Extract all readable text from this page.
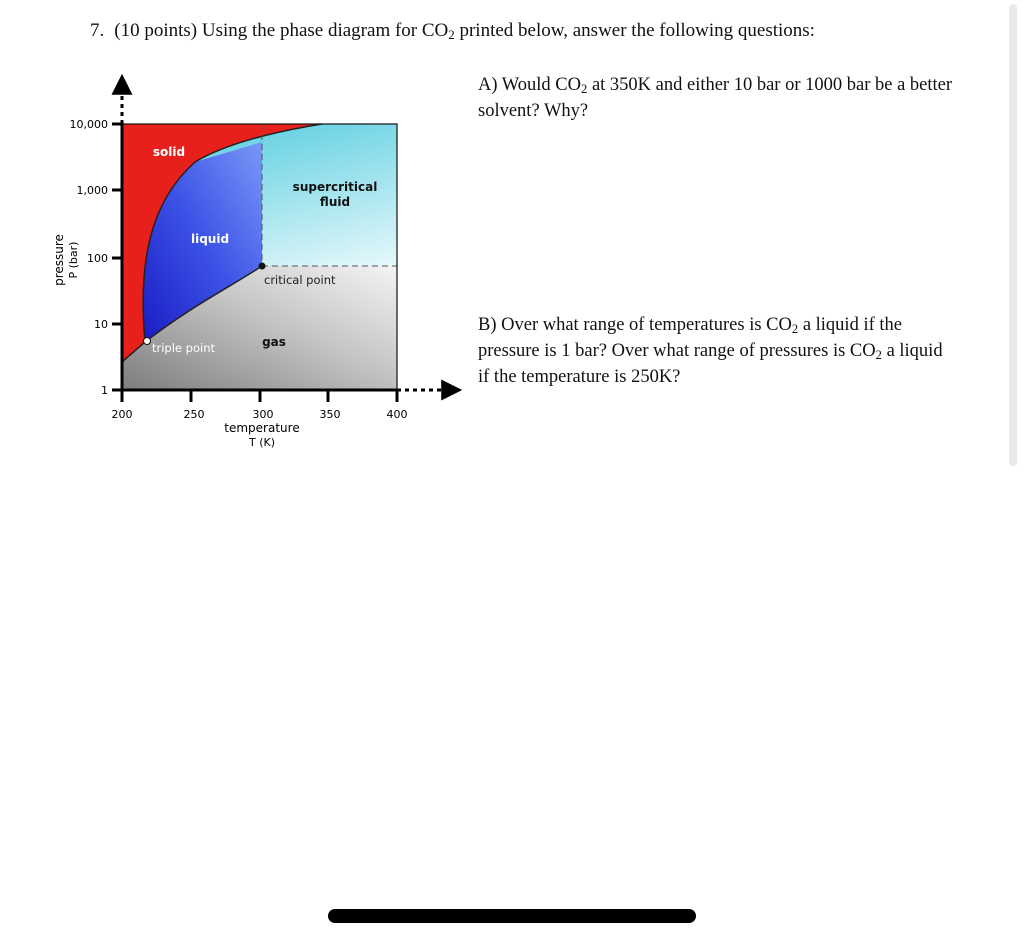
7. (10 points) Using the phase diagram for $CO_2$ printed below, answer the following questions:
10,000
1,000
100
10
1
200	250	300	350	400
temperature
T (K)
pressure P (bar)
solid
liquid
supercritical
fluid
gas
critical point
triple point
A) Would $CO_2$ at 350K and either 10 bar or 1000 bar be a better solvent? Why?
B) Over what range of temperatures is $CO_2$ a liquid if the pressure is 1 bar? Over what range of pressures is $CO_2$ a liquid if the temperature is 250K?
